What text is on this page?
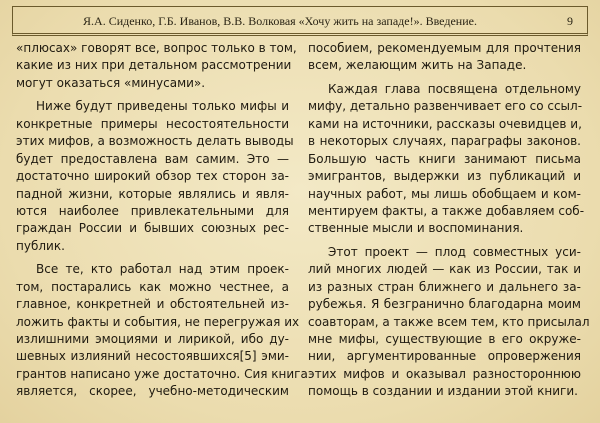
Я.А. Сиденко, Г.Б. Иванов, В.В. Волковая «Хочу жить на западе!». Введение.	9
«плюсах» говорят все, вопрос только в том,
какие из них при детальном рассмотрении
могут оказаться «минусами».
Ниже будут приведены только мифы и
конкретные примеры несостоятельности
этих мифов, а возможность делать выводы
будет предоставлена вам самим. Это —
достаточно широкий обзор тех сторон за-
падной жизни, которые являлись и явля-
ются наиболее привлекательными для
граждан России и бывших союзных рес-
публик.
Все те, кто работал над этим проек-
том, постарались как можно честнее, а
главное, конкретней и обстоятельней из-
ложить факты и события, не перегружая их
излишними эмоциями и лирикой, ибо ду-
шевных излияний несостоявшихся[5] эми-
грантов написано уже достаточно. Сия книга
является, скорее, учебно-методическим
пособием, рекомендуемым для прочтения
всем, желающим жить на Западе.
Каждая глава посвящена отдельному
мифу, детально развенчивает его со ссыл-
ками на источники, рассказы очевидцев и,
в некоторых случаях, параграфы законов.
Большую часть книги занимают письма
эмигрантов, выдержки из публикаций и
научных работ, мы лишь обобщаем и ком-
ментируем факты, а также добавляем соб-
ственные мысли и воспоминания.
Этот проект — плод совместных уси-
лий многих людей — как из России, так и
из разных стран ближнего и дальнего за-
рубежья. Я безгранично благодарна моим
соавторам, а также всем тем, кто присылал
мне мифы, существующие в его окруже-
нии, аргументированные опровержения
этих мифов и оказывал разностороннюю
помощь в создании и издании этой книги.
